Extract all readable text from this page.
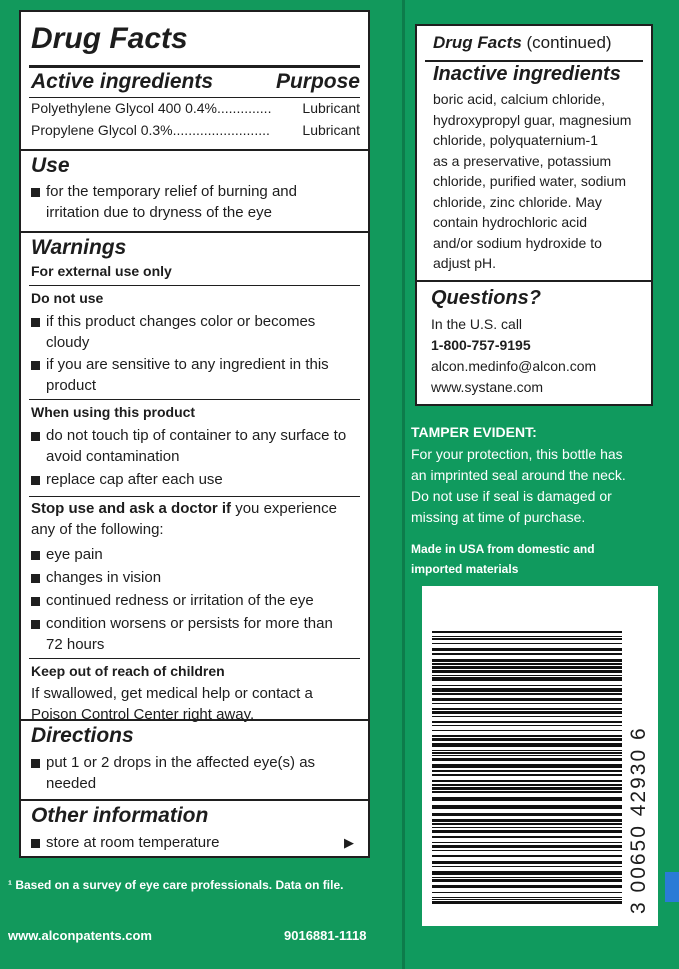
Drug Facts
Active ingredients	Purpose
Polyethylene Glycol 400 0.4%.............. Lubricant
Propylene Glycol 0.3%......................... Lubricant
Use
for the temporary relief of burning and
irritation due to dryness of the eye
Warnings
For external use only
Do not use
if this product changes color or becomes
cloudy
if you are sensitive to any ingredient in this
product
When using this product
do not touch tip of container to any surface to
avoid contamination
replace cap after each use
Stop use and ask a doctor if you experience
any of the following:
eye pain
changes in vision
continued redness or irritation of the eye
condition worsens or persists for more than
72 hours
Keep out of reach of children
If swallowed, get medical help or contact a
Poison Control Center right away.
Directions
put 1 or 2 drops in the affected eye(s) as
needed
Other information
store at room temperature	▶
¹ Based on a survey of eye care professionals. Data on file.
www.alconpatents.com	9016881-1118
Drug Facts (continued)
Inactive ingredients
boric acid, calcium chloride,
hydroxypropyl guar, magnesium
chloride, polyquaternium-1
as a preservative, potassium
chloride, purified water, sodium
chloride, zinc chloride. May
contain hydrochloric acid
and/or sodium hydroxide to
adjust pH.
Questions?
In the U.S. call
1-800-757-9195
alcon.medinfo@alcon.com
www.systane.com
TAMPER EVIDENT:
For your protection, this bottle has
an imprinted seal around the neck.
Do not use if seal is damaged or
missing at time of purchase.
Made in USA from domestic and
imported materials
3 00650 42930 6
